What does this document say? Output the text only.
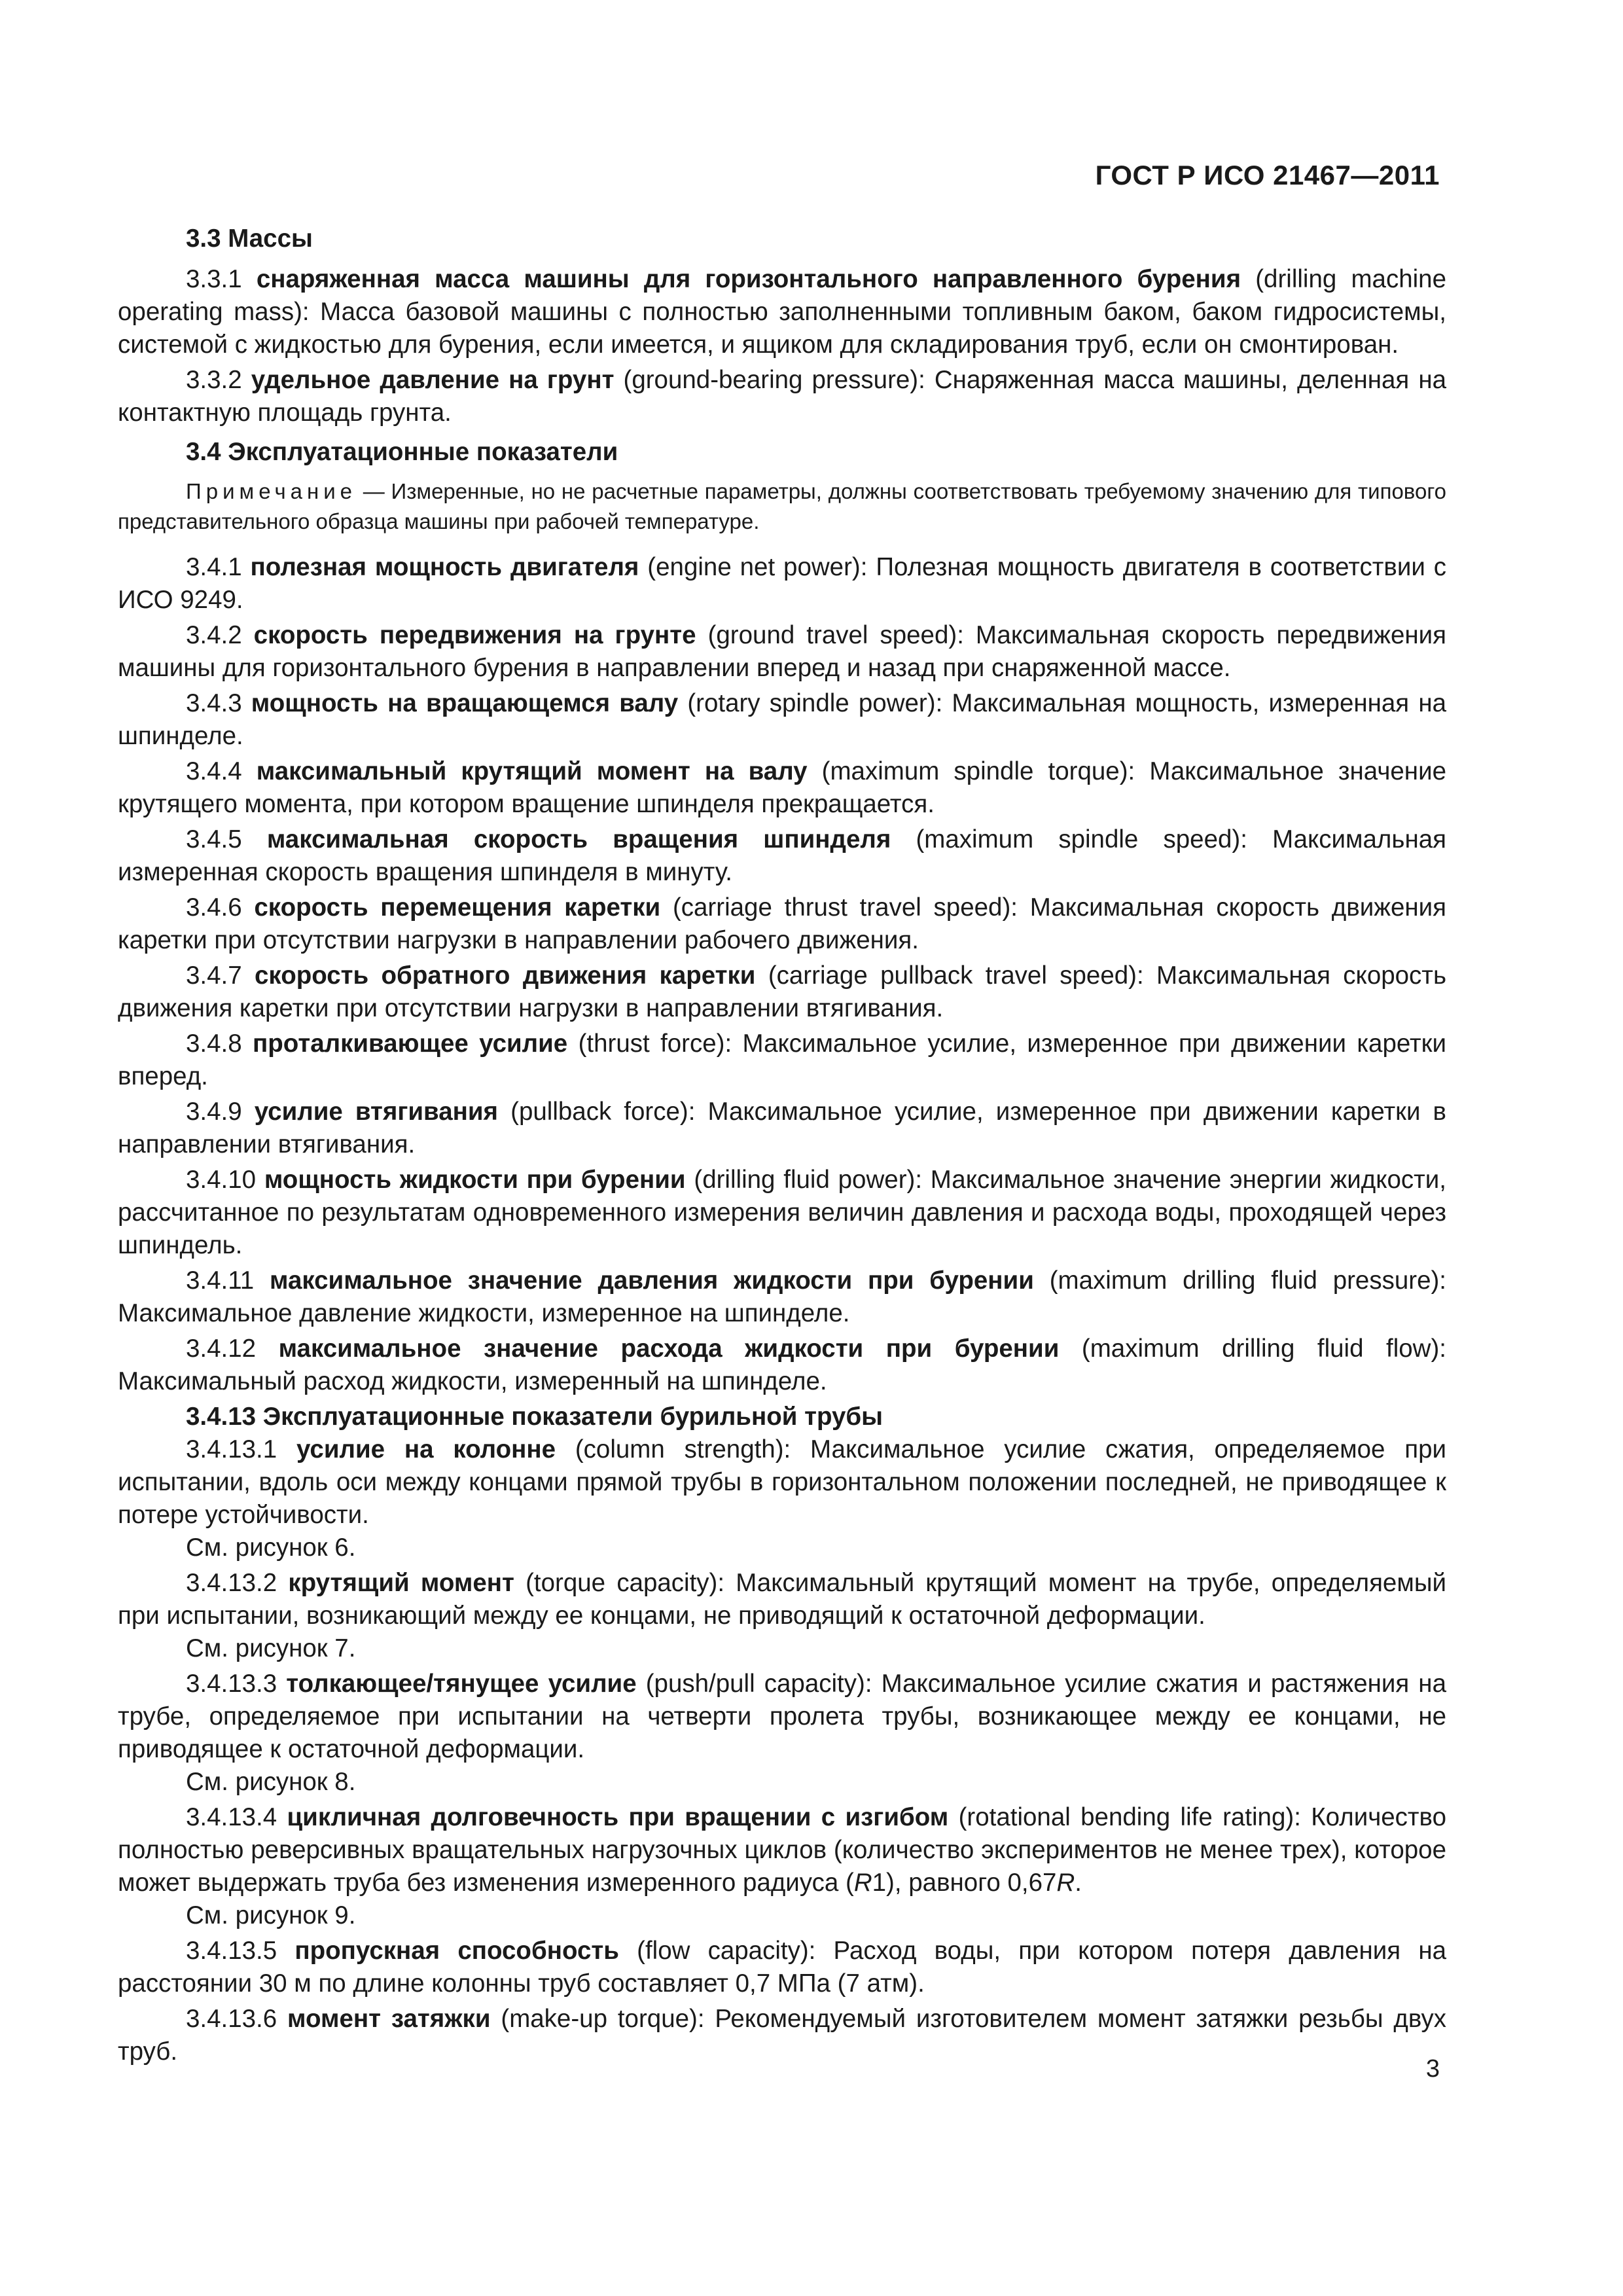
ГОСТ Р ИСО 21467—2011
3.3 Массы
3.3.1 снаряженная масса машины для горизонтального направленного бурения (drilling machine operating mass): Масса базовой машины с полностью заполненными топливным баком, баком гидросистемы, системой с жидкостью для бурения, если имеется, и ящиком для складирования труб, если он смонтирован.
3.3.2 удельное давление на грунт (ground-bearing pressure): Снаряженная масса машины, деленная на контактную площадь грунта.
3.4 Эксплуатационные показатели
Примечание — Измеренные, но не расчетные параметры, должны соответствовать требуемому значению для типового представительного образца машины при рабочей температуре.
3.4.1 полезная мощность двигателя (engine net power): Полезная мощность двигателя в соответствии с ИСО 9249.
3.4.2 скорость передвижения на грунте (ground travel speed): Максимальная скорость передвижения машины для горизонтального бурения в направлении вперед и назад при снаряженной массе.
3.4.3 мощность на вращающемся валу (rotary spindle power): Максимальная мощность, измеренная на шпинделе.
3.4.4 максимальный крутящий момент на валу (maximum spindle torque): Максимальное значение крутящего момента, при котором вращение шпинделя прекращается.
3.4.5 максимальная скорость вращения шпинделя (maximum spindle speed): Максимальная измеренная скорость вращения шпинделя в минуту.
3.4.6 скорость перемещения каретки (carriage thrust travel speed): Максимальная скорость движения каретки при отсутствии нагрузки в направлении рабочего движения.
3.4.7 скорость обратного движения каретки (carriage pullback travel speed): Максимальная скорость движения каретки при отсутствии нагрузки в направлении втягивания.
3.4.8 проталкивающее усилие (thrust force): Максимальное усилие, измеренное при движении каретки вперед.
3.4.9 усилие втягивания (pullback force): Максимальное усилие, измеренное при движении каретки в направлении втягивания.
3.4.10 мощность жидкости при бурении (drilling fluid power): Максимальное значение энергии жидкости, рассчитанное по результатам одновременного измерения величин давления и расхода воды, проходящей через шпиндель.
3.4.11 максимальное значение давления жидкости при бурении (maximum drilling fluid pressure): Максимальное давление жидкости, измеренное на шпинделе.
3.4.12 максимальное значение расхода жидкости при бурении (maximum drilling fluid flow): Максимальный расход жидкости, измеренный на шпинделе.
3.4.13 Эксплуатационные показатели бурильной трубы
3.4.13.1 усилие на колонне (column strength): Максимальное усилие сжатия, определяемое при испытании, вдоль оси между концами прямой трубы в горизонтальном положении последней, не приводящее к потере устойчивости.
См. рисунок 6.
3.4.13.2 крутящий момент (torque capacity): Максимальный крутящий момент на трубе, определяемый при испытании, возникающий между ее концами, не приводящий к остаточной деформации.
См. рисунок 7.
3.4.13.3 толкающее/тянущее усилие (push/pull capacity): Максимальное усилие сжатия и растяжения на трубе, определяемое при испытании на четверти пролета трубы, возникающее между ее концами, не приводящее к остаточной деформации.
См. рисунок 8.
3.4.13.4 цикличная долговечность при вращении с изгибом (rotational bending life rating): Количество полностью реверсивных вращательных нагрузочных циклов (количество экспериментов не менее трех), которое может выдержать труба без изменения измеренного радиуса (R1), равного 0,67R.
См. рисунок 9.
3.4.13.5 пропускная способность (flow capacity): Расход воды, при котором потеря давления на расстоянии 30 м по длине колонны труб составляет 0,7 МПа (7 атм).
3.4.13.6 момент затяжки (make-up torque): Рекомендуемый изготовителем момент затяжки резьбы двух труб.
3
